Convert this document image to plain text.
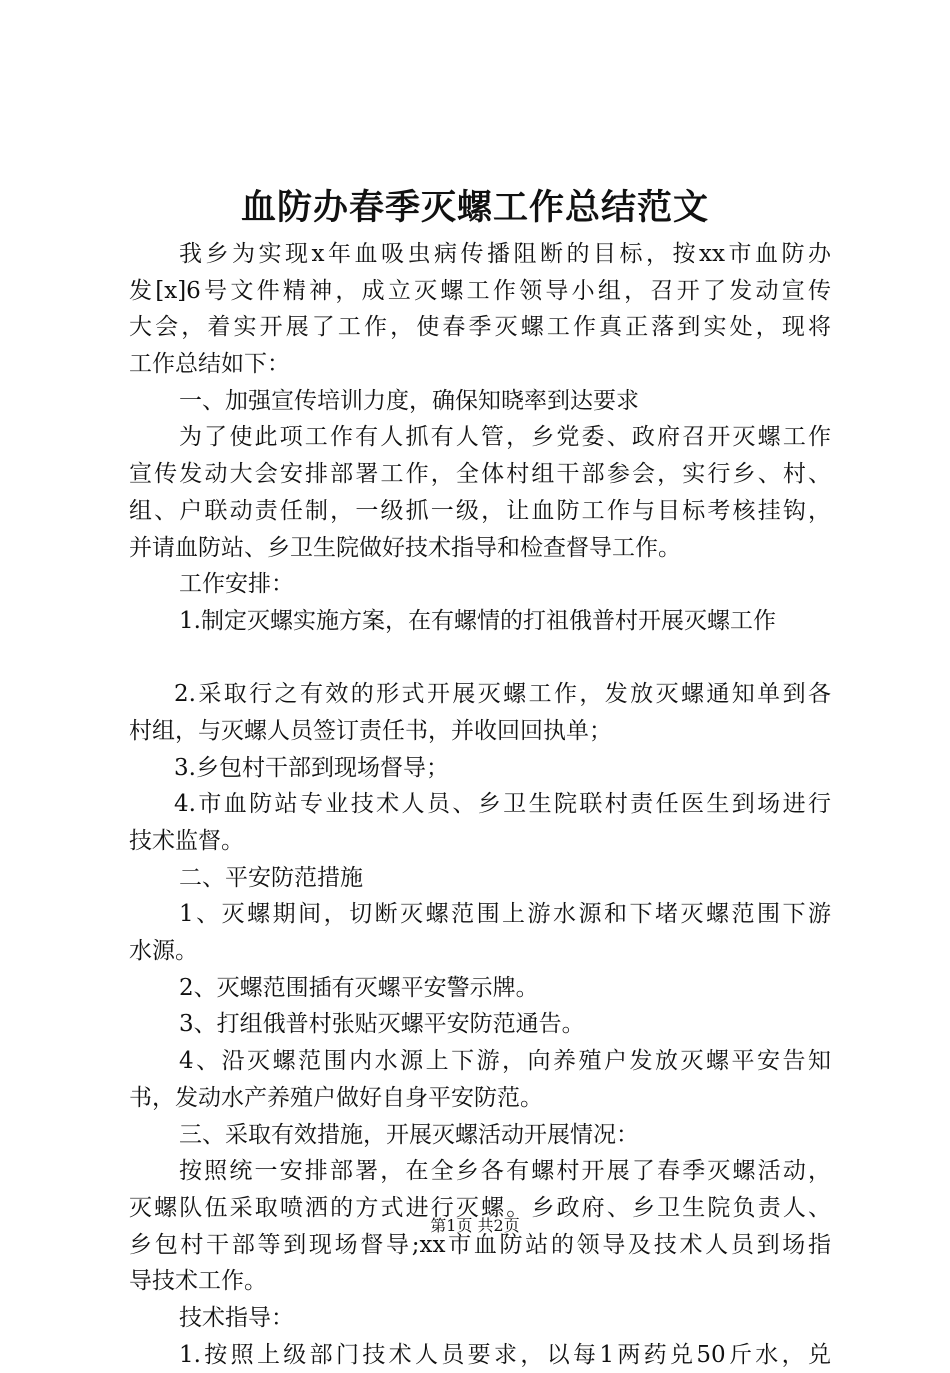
血防办春季灭螺工作总结范文
我乡为实现x年血吸虫病传播阻断的目标，按xx市血防办
发[x]6号文件精神，成立灭螺工作领导小组，召开了发动宣传
大会，着实开展了工作，使春季灭螺工作真正落到实处，现将
工作总结如下：
一、加强宣传培训力度，确保知晓率到达要求
为了使此项工作有人抓有人管，乡党委、政府召开灭螺工作
宣传发动大会安排部署工作，全体村组干部参会，实行乡、村、
组、户联动责任制，一级抓一级，让血防工作与目标考核挂钩，
并请血防站、乡卫生院做好技术指导和检查督导工作。
工作安排：
1.制定灭螺实施方案，在有螺情的打祖俄普村开展灭螺工作
2.采取行之有效的形式开展灭螺工作，发放灭螺通知单到各
村组，与灭螺人员签订责任书，并收回回执单；
3.乡包村干部到现场督导；
4.市血防站专业技术人员、乡卫生院联村责任医生到场进行
技术监督。
二、平安防范措施
1、灭螺期间，切断灭螺范围上游水源和下堵灭螺范围下游
水源。
2、灭螺范围插有灭螺平安警示牌。
3、打组俄普村张贴灭螺平安防范通告。
4、沿灭螺范围内水源上下游，向养殖户发放灭螺平安告知
书，发动水产养殖户做好自身平安防范。
三、采取有效措施，开展灭螺活动开展情况：
按照统一安排部署，在全乡各有螺村开展了春季灭螺活动，
灭螺队伍采取喷洒的方式进行灭螺。乡政府、乡卫生院负责人、
乡包村干部等到现场督导;xx市血防站的领导及技术人员到场指
导技术工作。
技术指导：
1.按照上级部门技术人员要求，以每1两药兑50斤水，兑
第1页 共2页
